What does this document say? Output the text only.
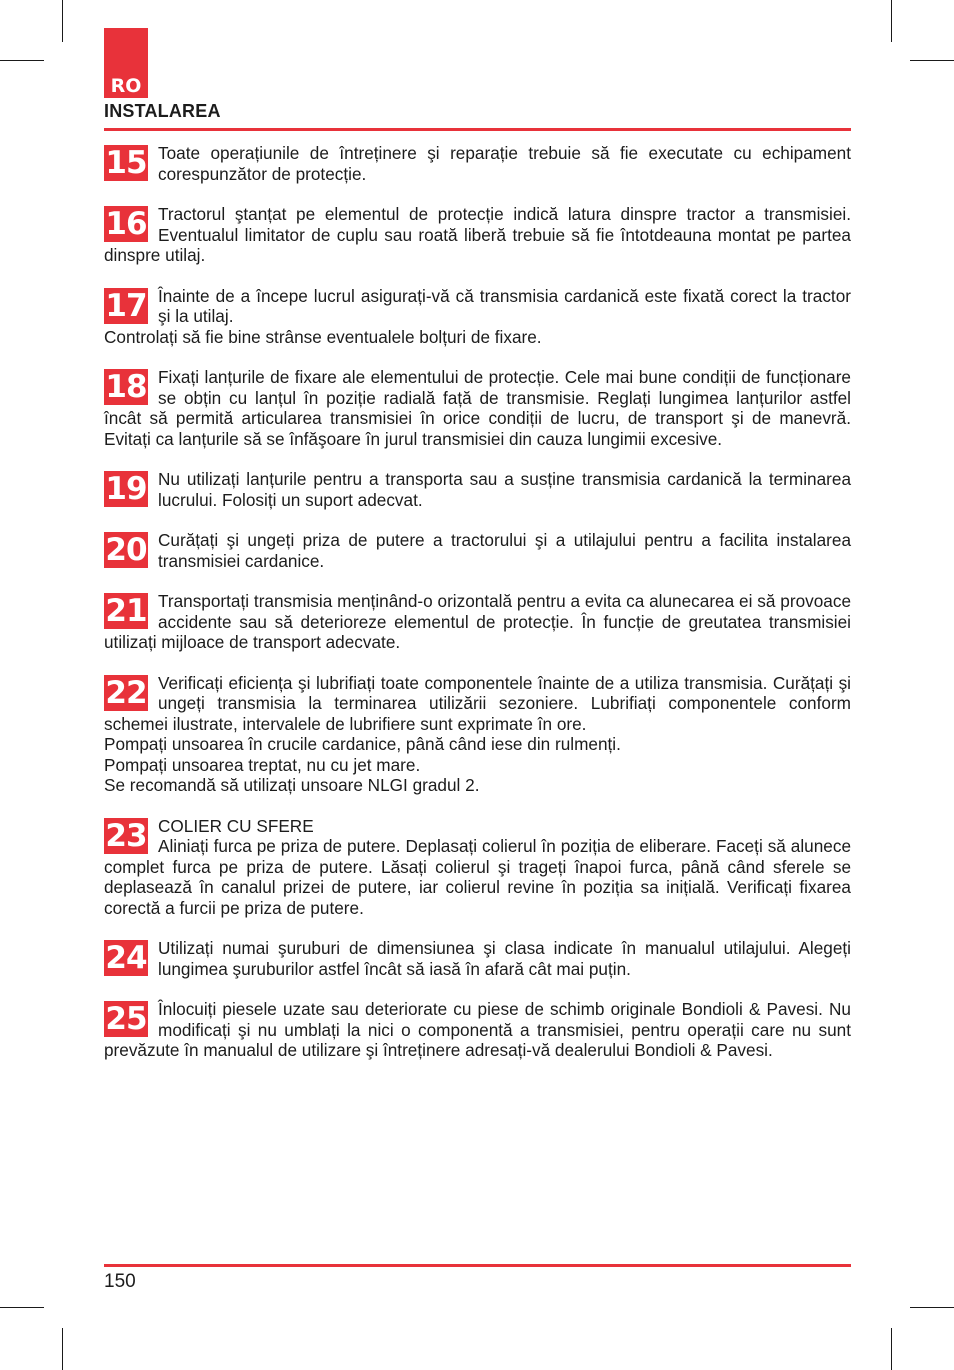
RO
INSTALAREA
15 Toate operațiunile de întreținere şi reparație trebuie să fie executate cu echipament corespunzător de protecție.

16 Tractorul ştanțat pe elementul de protecție indică latura dinspre tractor a transmisiei. Eventualul limitator de cuplu sau roată liberă trebuie să fie întotdeauna montat pe partea dinspre utilaj.

17 Înainte de a începe lucrul asigurați-vă că transmisia cardanică este fixată corect la tractor şi la utilaj.

Controlați să fie bine strânse eventualele bolțuri de fixare.

18 Fixați lanțurile de fixare ale elementului de protecție. Cele mai bune condiții de funcționare se obțin cu lanțul în poziție radială față de transmisie. Reglați lungimea lanțurilor astfel încât să permită articularea transmisiei în orice condiții de lucru, de transport şi de manevră. Evitați ca lanțurile să se înfăşoare în jurul transmisiei din cauza lungimii excesive.

19 Nu utilizați lanțurile pentru a transporta sau a susține transmisia cardanică la terminarea lucrului. Folosiți un suport adecvat.

20 Curățați şi ungeți priza de putere a tractorului şi a utilajului pentru a facilita instalarea transmisiei cardanice.

21 Transportați transmisia menținând-o orizontală pentru a evita ca alunecarea ei să provoace accidente sau să deterioreze elementul de protecție. În funcție de greutatea transmisiei utilizați mijloace de transport adecvate.

22 Verificați eficiența şi lubrifiați toate componentele înainte de a utiliza transmisia. Curățați şi ungeți transmisia la terminarea utilizării sezoniere. Lubrifiați componentele conform schemei ilustrate, intervalele de lubrifiere sunt exprimate în ore.

Pompați unsoarea în crucile cardanice, până când iese din rulmenți.

Pompați unsoarea treptat, nu cu jet mare.

Se recomandă să utilizați unsoare NLGI gradul 2.

23 COLIER CU SFERE

Aliniați furca pe priza de putere. Deplasați colierul în poziția de eliberare. Faceți să alunece complet furca pe priza de putere. Lăsați colierul şi trageți înapoi furca, până când sferele se deplasează în canalul prizei de putere, iar colierul revine în poziția sa inițială. Verificați fixarea corectă a furcii pe priza de putere.

24 Utilizați numai şuruburi de dimensiunea şi clasa indicate în manualul utilajului. Alegeți lungimea şuruburilor astfel încât să iasă în afară cât mai puțin.

25 Înlocuiți piesele uzate sau deteriorate cu piese de schimb originale Bondioli & Pavesi. Nu modificați şi nu umblați la nici o componentă a transmisiei, pentru operații care nu sunt prevăzute în manualul de utilizare şi întreținere adresați-vă dealerului Bondioli & Pavesi.

150
